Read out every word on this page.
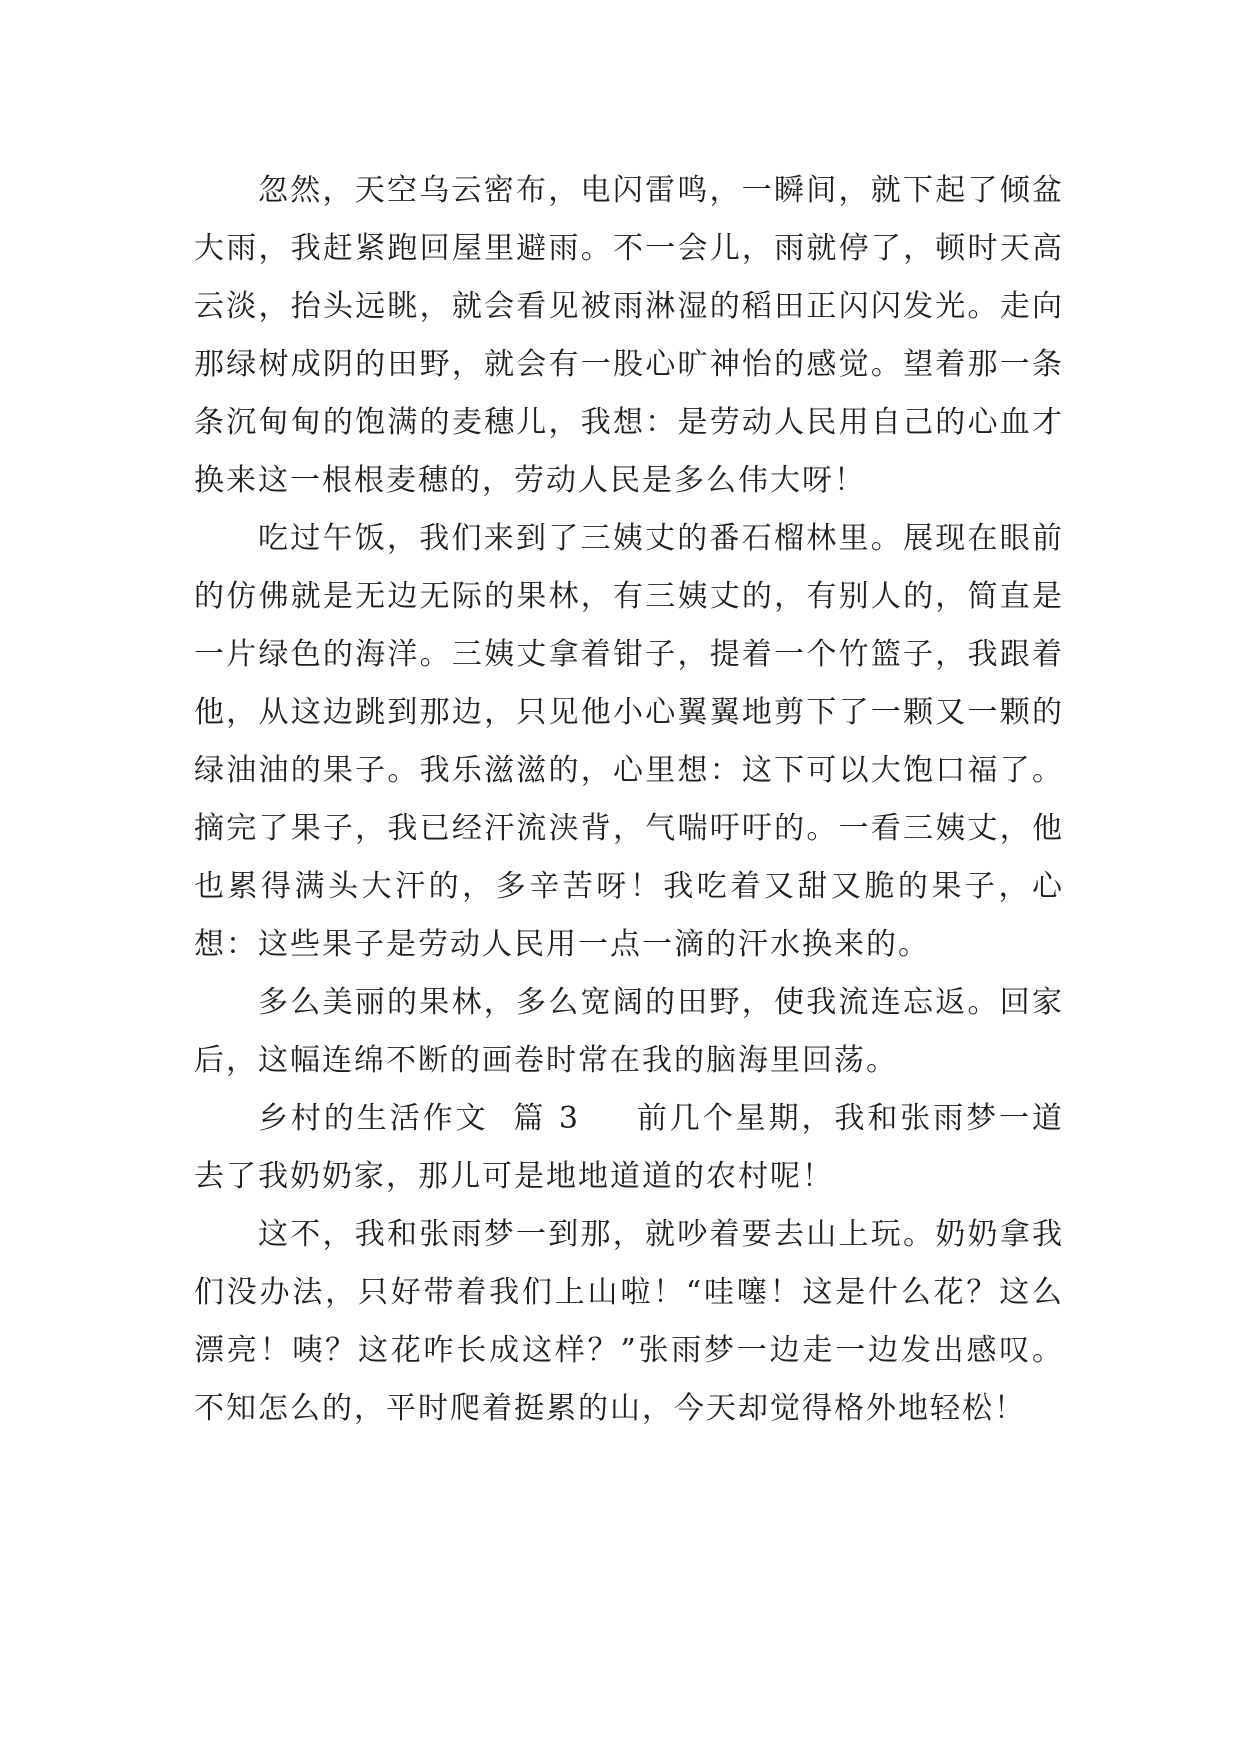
忽然，天空乌云密布，电闪雷鸣，一瞬间，就下起了倾盆大雨，我赶紧跑回屋里避雨。不一会儿，雨就停了，顿时天高云淡，抬头远眺，就会看见被雨淋湿的稻田正闪闪发光。走向那绿树成阴的田野，就会有一股心旷神怡的感觉。望着那一条条沉甸甸的饱满的麦穗儿，我想：是劳动人民用自己的心血才换来这一根根麦穗的，劳动人民是多么伟大呀！

吃过午饭，我们来到了三姨丈的番石榴林里。展现在眼前的仿佛就是无边无际的果林，有三姨丈的，有别人的，简直是一片绿色的海洋。三姨丈拿着钳子，提着一个竹篮子，我跟着他，从这边跳到那边，只见他小心翼翼地剪下了一颗又一颗的绿油油的果子。我乐滋滋的，心里想：这下可以大饱口福了。摘完了果子，我已经汗流浃背，气喘吁吁的。一看三姨丈，他也累得满头大汗的，多辛苦呀！我吃着又甜又脆的果子，心想：这些果子是劳动人民用一点一滴的汗水换来的。

多么美丽的果林，多么宽阔的田野，使我流连忘返。回家后，这幅连绵不断的画卷时常在我的脑海里回荡。

乡村的生活作文  篇 3 前几个星期，我和张雨梦一道去了我奶奶家，那儿可是地地道道的农村呢！

这不，我和张雨梦一到那，就吵着要去山上玩。奶奶拿我们没办法，只好带着我们上山啦！“哇噻！这是什么花？这么漂亮！咦？这花咋长成这样？”张雨梦一边走一边发出感叹。不知怎么的，平时爬着挺累的山，今天却觉得格外地轻松！
